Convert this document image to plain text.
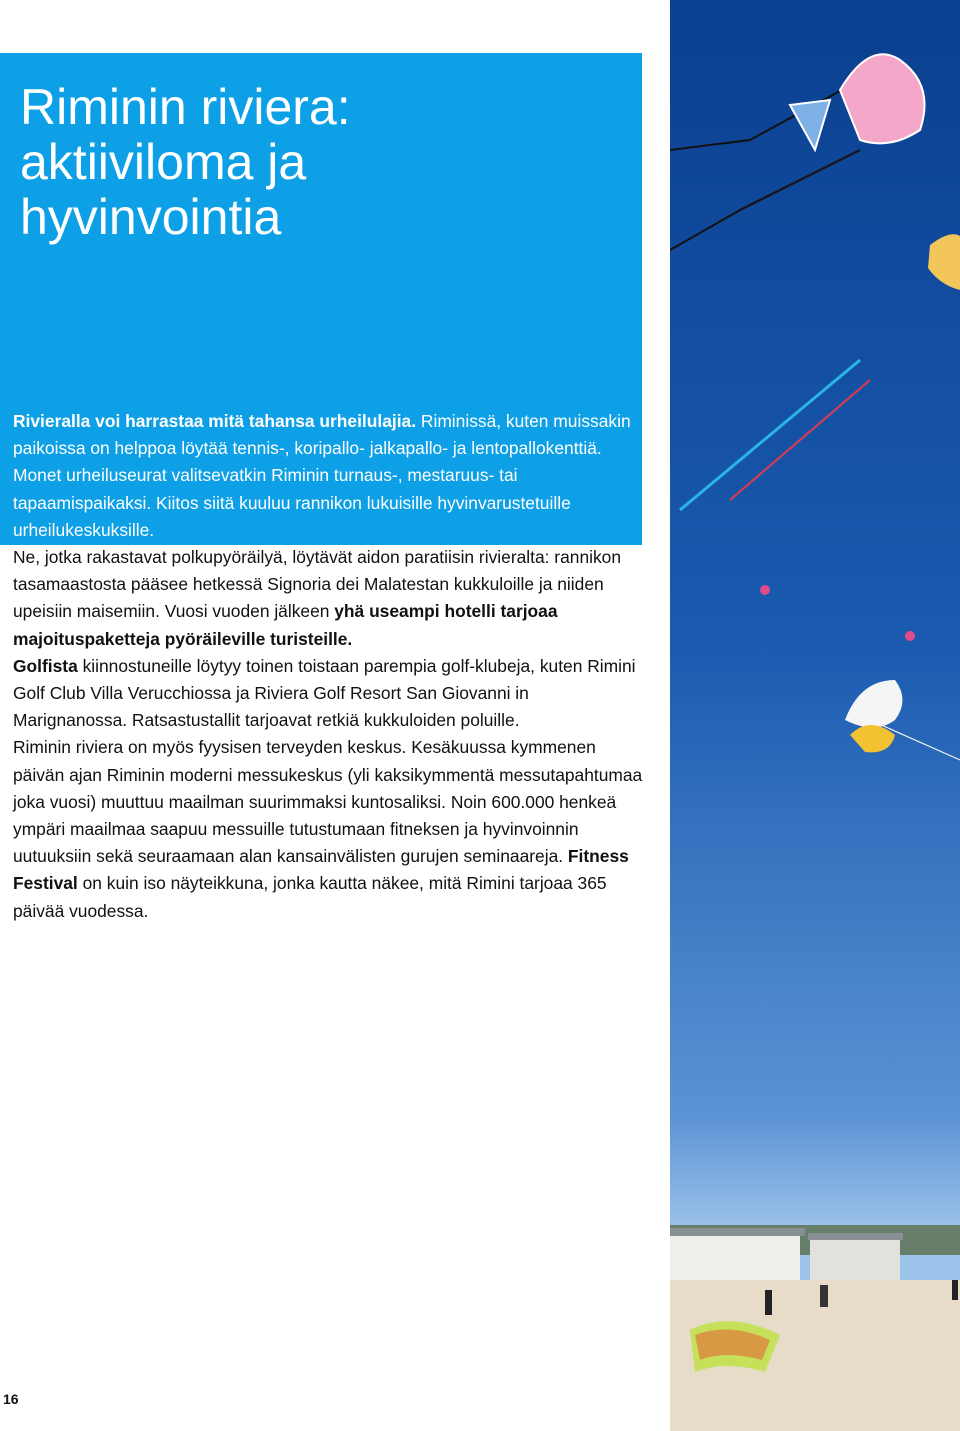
Riminin riviera:
aktiiviloma ja
hyvinvointia

Rivieralla voi harrastaa mitä tahansa urheilulajia. Riminissä, kuten muissakin paikoissa on helppoa löytää tennis-, koripallo- jalkapallo- ja lentopallokenttiä. Monet urheiluseurat valitsevatkin Riminin turnaus-, mestaruus- tai tapaamispaikaksi. Kiitos siitä kuuluu rannikon lukuisille hyvinvarustetuille urheilukeskuksille.

Ne, jotka rakastavat polkupyöräilyä, löytävät aidon paratiisin rivieralta: rannikon tasamaastosta pääsee hetkessä Signoria dei Malatestan kukkuloille ja niiden upeisiin maisemiin. Vuosi vuoden jälkeen yhä useampi hotelli tarjoaa majoituspaketteja pyöräileville turisteille.

Golfista kiinnostuneille löytyy toinen toistaan parempia golf-klubeja, kuten Rimini Golf Club Villa Verucchiossa ja Riviera Golf Resort San Giovanni in Marignanossa. Ratsastustallit tarjoavat retkiä kukkuloiden poluille.

Riminin riviera on myös fyysisen terveyden keskus. Kesäkuussa kymmenen päivän ajan Riminin moderni messukeskus (yli kaksikymmentä messutapahtumaa joka vuosi) muuttuu maailman suurimmaksi kuntosaliksi. Noin 600.000 henkeä ympäri maailmaa saapuu messuille tutustumaan fitneksen ja hyvinvoinnin uutuuksiin sekä seuraamaan alan kansainvälisten gurujen seminaareja. Fitness Festival on kuin iso näyteikkuna, jonka kautta näkee, mitä Rimini tarjoaa 365 päivää vuodessa.

16
